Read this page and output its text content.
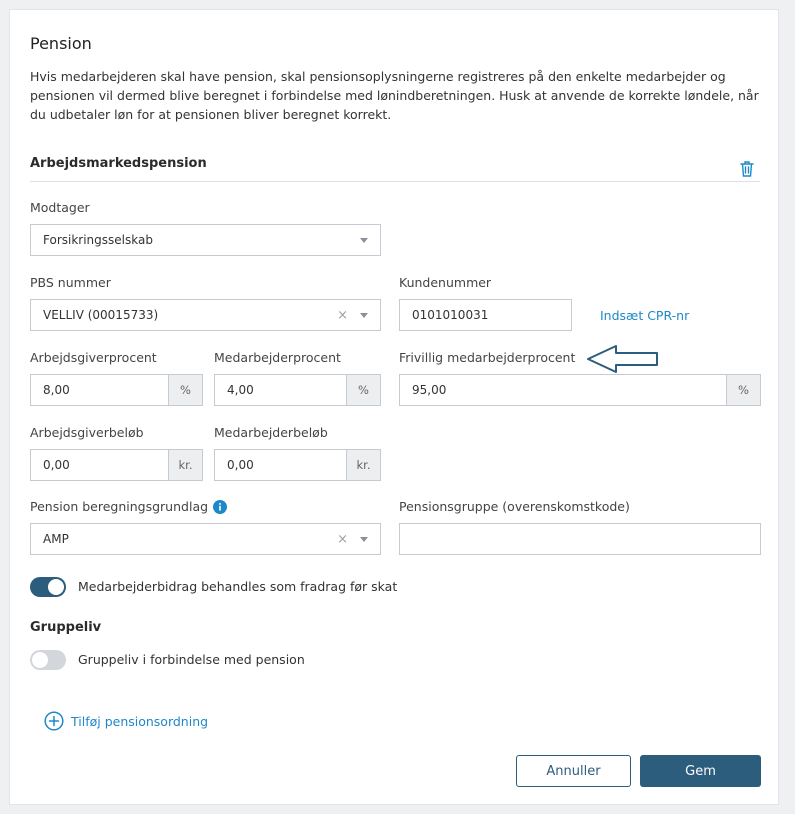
Pension
Hvis medarbejderen skal have pension, skal pensionsoplysningerne registreres på den enkelte medarbejder og pensionen vil dermed blive beregnet i forbindelse med lønindberetningen. Husk at anvende de korrekte løndele, når du udbetaler løn for at pensionen bliver beregnet korrekt.
Arbejdsmarkedspension
Modtager
Forsikringsselskab
PBS nummer
VELLIV (00015733)	×
Kundenummer
0101010031	Indsæt CPR-nr
Arbejdsgiverprocent
8,00	%
Medarbejderprocent
4,00	%
Frivillig medarbejderprocent
95,00	%
Arbejdsgiverbeløb
0,00	kr.
Medarbejderbeløb
0,00	kr.
Pension beregningsgrundlag
AMP	×
Pensionsgruppe (overenskomstkode)
Medarbejderbidrag behandles som fradrag før skat
Gruppeliv
Gruppeliv i forbindelse med pension
Tilføj pensionsordning
Annuller	Gem
